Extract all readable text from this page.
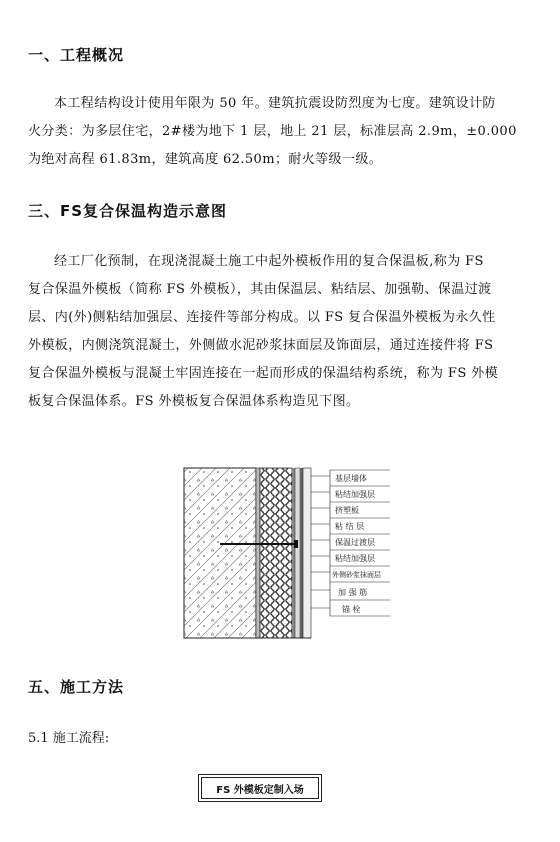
一、工程概况
本工程结构设计使用年限为 50 年。建筑抗震设防烈度为七度。建筑设计防
火分类：为多层住宅，2#楼为地下 1 层，地上 21 层，标准层高 2.9m，±0.000
为绝对高程 61.83m，建筑高度 62.50m；耐火等级一级。
三、FS复合保温构造示意图
经工厂化预制，在现浇混凝土施工中起外模板作用的复合保温板,称为 FS
复合保温外模板（简称 FS 外模板），其由保温层、粘结层、加强勒、保温过渡
层、内(外)侧粘结加强层、连接件等部分构成。以 FS 复合保温外模板为永久性
外模板，内侧浇筑混凝土，外侧做水泥砂浆抹面层及饰面层，通过连接件将 FS
复合保温外模板与混凝土牢固连接在一起而形成的保温结构系统，称为 FS 外模
板复合保温体系。FS 外模板复合保温体系构造见下图。
基层墙体
粘结加强层
挤塑板
粘 结 层
保温过渡层
粘结加强层
外侧砂浆抹面层
加 强 筋
锚 栓
五、施工方法
5.1 施工流程:
FS 外模板定制入场
